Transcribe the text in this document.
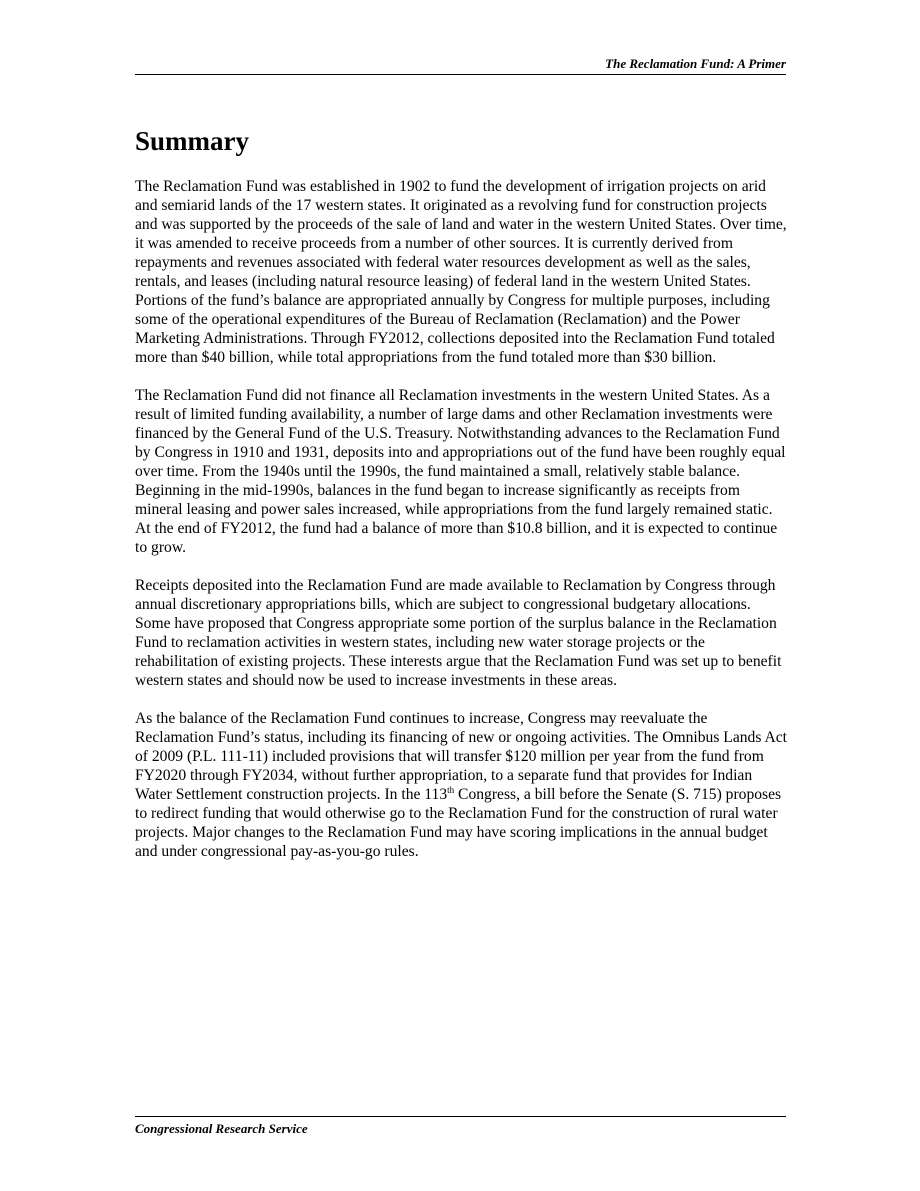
The Reclamation Fund: A Primer
Summary

The Reclamation Fund was established in 1902 to fund the development of irrigation projects on arid and semiarid lands of the 17 western states. It originated as a revolving fund for construction projects and was supported by the proceeds of the sale of land and water in the western United States. Over time, it was amended to receive proceeds from a number of other sources. It is currently derived from repayments and revenues associated with federal water resources development as well as the sales, rentals, and leases (including natural resource leasing) of federal land in the western United States. Portions of the fund’s balance are appropriated annually by Congress for multiple purposes, including some of the operational expenditures of the Bureau of Reclamation (Reclamation) and the Power Marketing Administrations. Through FY2012, collections deposited into the Reclamation Fund totaled more than $40 billion, while total appropriations from the fund totaled more than $30 billion.

The Reclamation Fund did not finance all Reclamation investments in the western United States. As a result of limited funding availability, a number of large dams and other Reclamation investments were financed by the General Fund of the U.S. Treasury. Notwithstanding advances to the Reclamation Fund by Congress in 1910 and 1931, deposits into and appropriations out of the fund have been roughly equal over time. From the 1940s until the 1990s, the fund maintained a small, relatively stable balance. Beginning in the mid-1990s, balances in the fund began to increase significantly as receipts from mineral leasing and power sales increased, while appropriations from the fund largely remained static. At the end of FY2012, the fund had a balance of more than $10.8 billion, and it is expected to continue to grow.

Receipts deposited into the Reclamation Fund are made available to Reclamation by Congress through annual discretionary appropriations bills, which are subject to congressional budgetary allocations. Some have proposed that Congress appropriate some portion of the surplus balance in the Reclamation Fund to reclamation activities in western states, including new water storage projects or the rehabilitation of existing projects. These interests argue that the Reclamation Fund was set up to benefit western states and should now be used to increase investments in these areas.

As the balance of the Reclamation Fund continues to increase, Congress may reevaluate the Reclamation Fund’s status, including its financing of new or ongoing activities. The Omnibus Lands Act of 2009 (P.L. 111-11) included provisions that will transfer $120 million per year from the fund from FY2020 through FY2034, without further appropriation, to a separate fund that provides for Indian Water Settlement construction projects. In the 113th Congress, a bill before the Senate (S. 715) proposes to redirect funding that would otherwise go to the Reclamation Fund for the construction of rural water projects. Major changes to the Reclamation Fund may have scoring implications in the annual budget and under congressional pay-as-you-go rules.

Congressional Research Service
